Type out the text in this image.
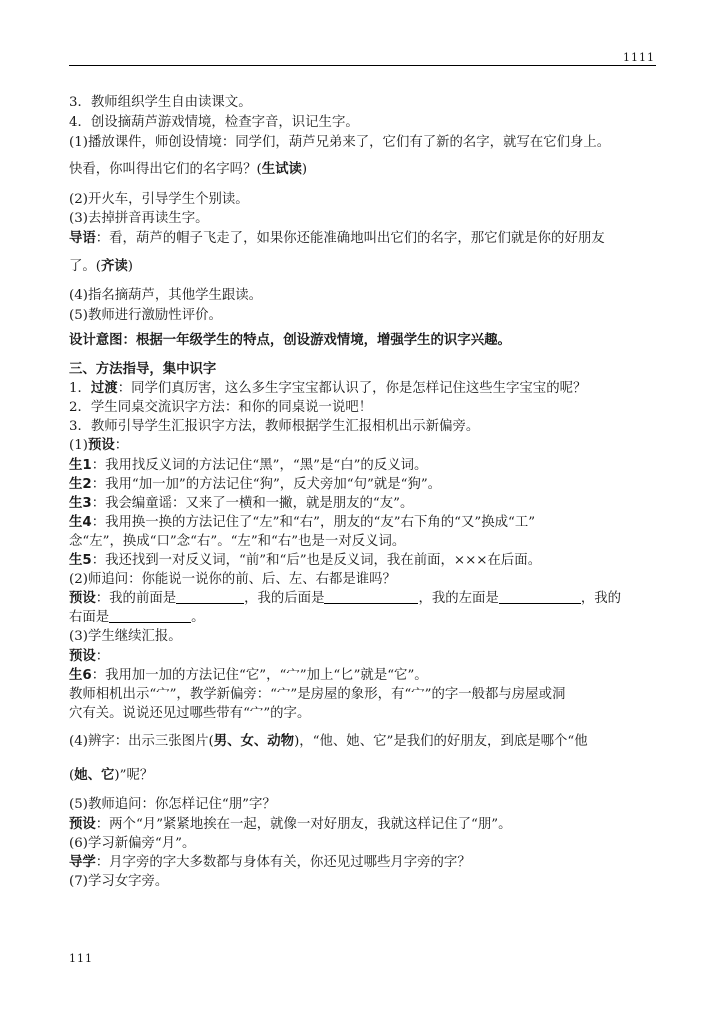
1111
3．教师组织学生自由读课文。
4．创设摘葫芦游戏情境，检查字音，识记生字。
(1)播放课件，师创设情境：同学们，葫芦兄弟来了，它们有了新的名字，就写在它们身上。
快看，你叫得出它们的名字吗？(生试读)
(2)开火车，引导学生个别读。
(3)去掉拼音再读生字。
导语：看，葫芦的帽子飞走了，如果你还能准确地叫出它们的名字，那它们就是你的好朋友
了。(齐读)
(4)指名摘葫芦，其他学生跟读。
(5)教师进行激励性评价。
设计意图：根据一年级学生的特点，创设游戏情境，增强学生的识字兴趣。
三、方法指导，集中识字
1．过渡：同学们真厉害，这么多生字宝宝都认识了，你是怎样记住这些生字宝宝的呢？
2．学生同桌交流识字方法：和你的同桌说一说吧！
3．教师引导学生汇报识字方法，教师根据学生汇报相机出示新偏旁。
(1)预设：
生1：我用找反义词的方法记住“黑”，“黑”是“白”的反义词。
生2：我用“加一加”的方法记住“狗”，反犬旁加“句”就是“狗”。
生3：我会编童谣：又来了一横和一撇，就是朋友的“友”。
生4：我用换一换的方法记住了“左”和“右”，朋友的“友”右下角的“又”换成“工”
念“左”，换成“口”念“右”。“左”和“右”也是一对反义词。
生5：我还找到一对反义词，“前”和“后”也是反义词，我在前面，×××在后面。
(2)师追问：你能说一说你的前、后、左、右都是谁吗？
预设：我的前面是	，我的后面是	，我的左面是	，我的
右面是	。
(3)学生继续汇报。
预设：
生6：我用加一加的方法记住“它”，“宀”加上“匕”就是“它”。
教师相机出示“宀”，教学新偏旁：“宀”是房屋的象形，有“宀”的字一般都与房屋或洞
穴有关。说说还见过哪些带有“宀”的字。
(4)辨字：出示三张图片(男、女、动物)，“他、她、它”是我们的好朋友，到底是哪个“他
(她、它)”呢？
(5)教师追问：你怎样记住“朋”字？
预设：两个“月”紧紧地挨在一起，就像一对好朋友，我就这样记住了“朋”。
(6)学习新偏旁“月”。
导学：月字旁的字大多数都与身体有关，你还见过哪些月字旁的字？
(7)学习女字旁。
111
